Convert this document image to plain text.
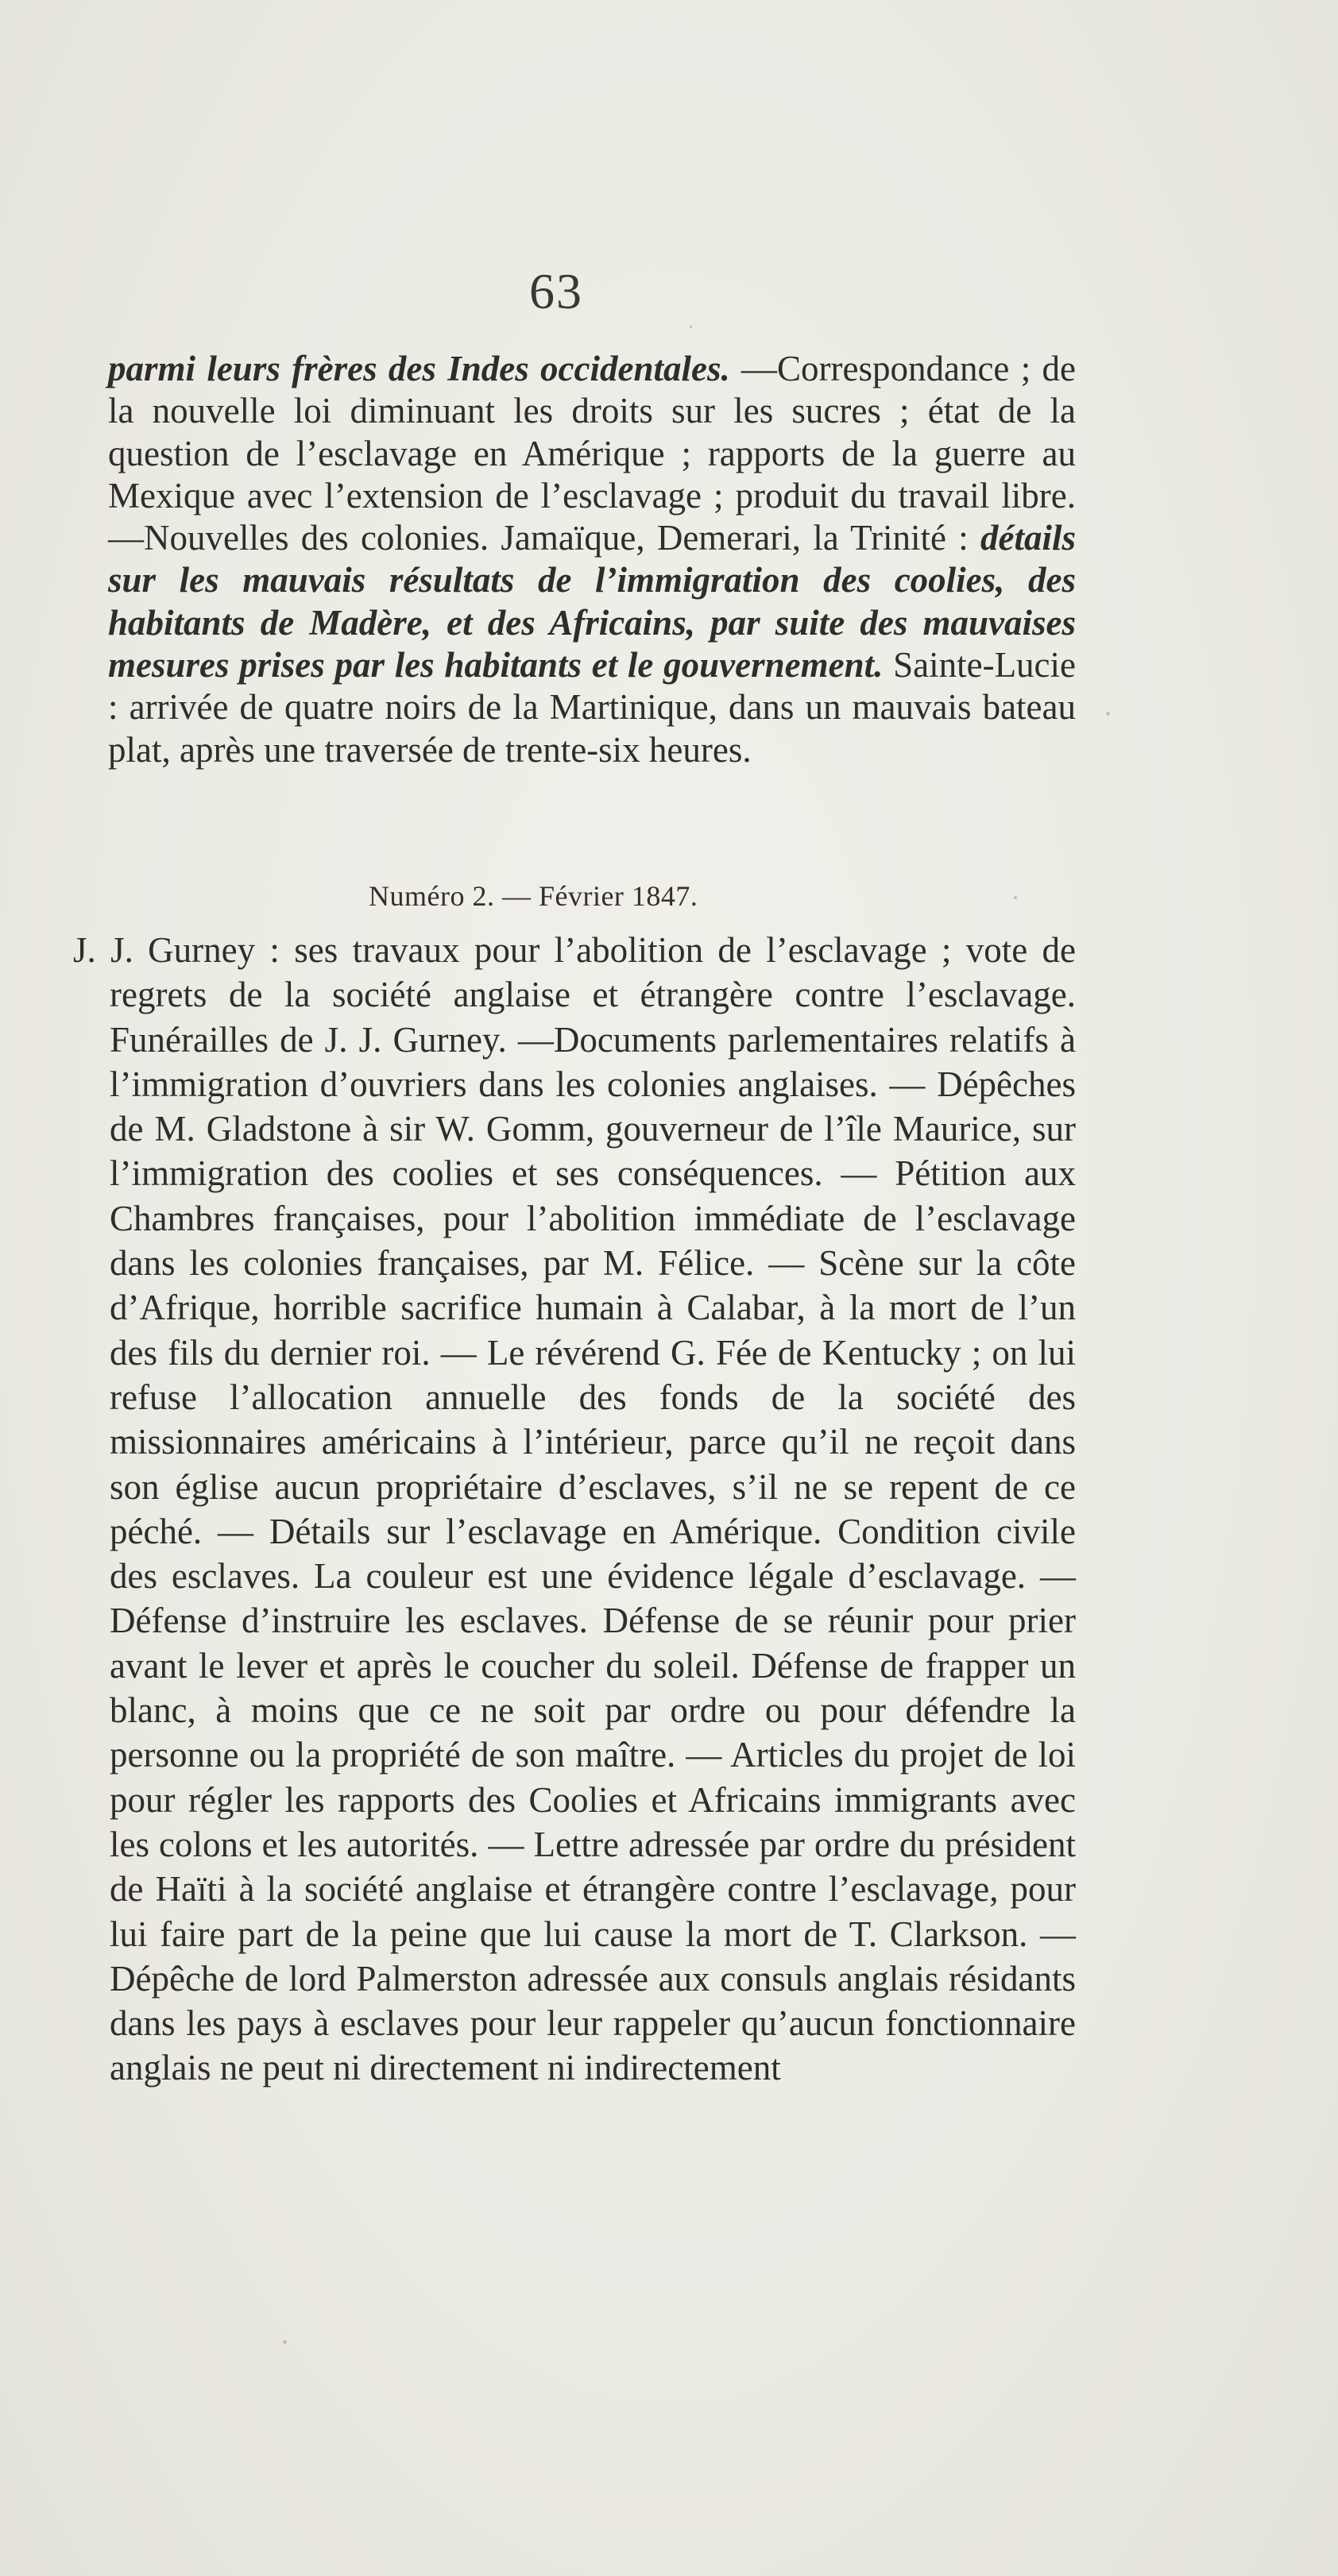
63
parmi leurs frères des Indes occidentales. —Correspondance ; de la nouvelle loi diminuant les droits sur les sucres ; état de la question de l’esclavage en Amérique ; rapports de la guerre au Mexique avec l’extension de l’esclavage ; produit du travail libre. —Nouvelles des colonies. Jamaïque, Demerari, la Trinité : détails sur les mauvais résultats de l’immigration des coolies, des habitants de Madère, et des Africains, par suite des mauvaises mesures prises par les habitants et le gouvernement. Sainte-Lucie : arrivée de quatre noirs de la Martinique, dans un mauvais bateau plat, après une traversée de trente-six heures.
Numéro 2. — Février 1847.
J. J. Gurney : ses travaux pour l’abolition de l’esclavage ; vote de regrets de la société anglaise et étrangère contre l’esclavage. Funérailles de J. J. Gurney. —Documents parlementaires relatifs à l’immigration d’ouvriers dans les colonies anglaises. — Dépêches de M. Gladstone à sir W. Gomm, gouverneur de l’île Maurice, sur l’immigration des coolies et ses conséquences. — Pétition aux Chambres françaises, pour l’abolition immédiate de l’esclavage dans les colonies françaises, par M. Félice. — Scène sur la côte d’Afrique, horrible sacrifice humain à Calabar, à la mort de l’un des fils du dernier roi. — Le révérend G. Fée de Kentucky ; on lui refuse l’allocation annuelle des fonds de la société des missionnaires américains à l’intérieur, parce qu’il ne reçoit dans son église aucun propriétaire d’esclaves, s’il ne se repent de ce péché. — Détails sur l’esclavage en Amérique. Condition civile des esclaves. La couleur est une évidence légale d’esclavage. — Défense d’instruire les esclaves. Défense de se réunir pour prier avant le lever et après le coucher du soleil. Défense de frapper un blanc, à moins que ce ne soit par ordre ou pour défendre la personne ou la propriété de son maître. — Articles du projet de loi pour régler les rapports des Coolies et Africains immigrants avec les colons et les autorités. — Lettre adressée par ordre du président de Haïti à la société anglaise et étrangère contre l’esclavage, pour lui faire part de la peine que lui cause la mort de T. Clarkson. — Dépêche de lord Palmerston adressée aux consuls anglais résidants dans les pays à esclaves pour leur rappeler qu’aucun fonctionnaire anglais ne peut ni directement ni indirectement
